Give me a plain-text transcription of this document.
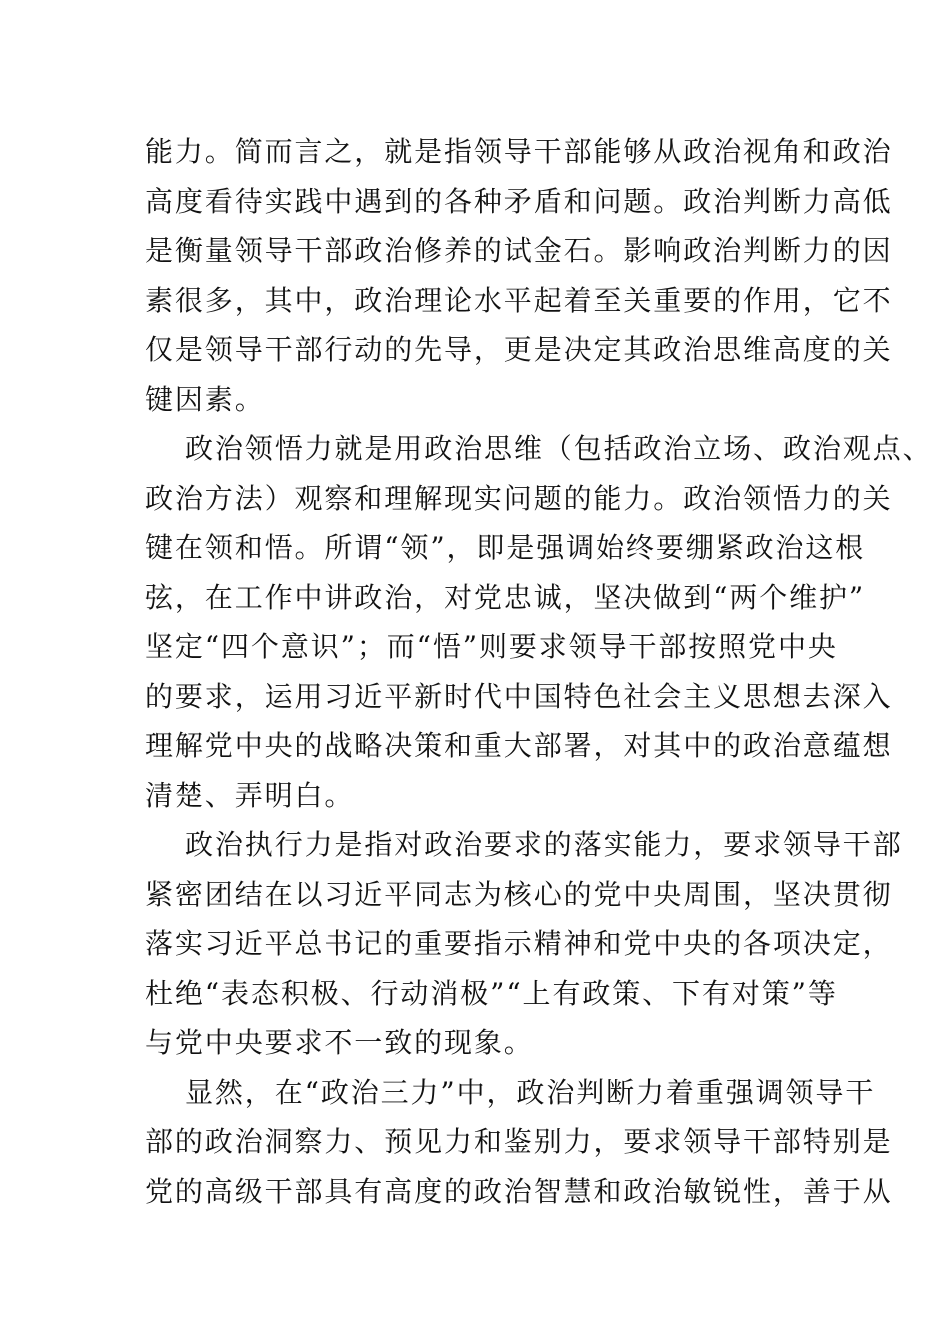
能力。简而言之，就是指领导干部能够从政治视角和政治
高度看待实践中遇到的各种矛盾和问题。政治判断力高低
是衡量领导干部政治修养的试金石。影响政治判断力的因
素很多，其中，政治理论水平起着至关重要的作用，它不
仅是领导干部行动的先导，更是决定其政治思维高度的关
键因素。
政治领悟力就是用政治思维（包括政治立场、政治观点、
政治方法）观察和理解现实问题的能力。政治领悟力的关
键在领和悟。所谓“领”，即是强调始终要绷紧政治这根
弦，在工作中讲政治，对党忠诚，坚决做到“两个维护”
坚定“四个意识”；而“悟”则要求领导干部按照党中央
的要求，运用习近平新时代中国特色社会主义思想去深入
理解党中央的战略决策和重大部署，对其中的政治意蕴想
清楚、弄明白。
政治执行力是指对政治要求的落实能力，要求领导干部
紧密团结在以习近平同志为核心的党中央周围，坚决贯彻
落实习近平总书记的重要指示精神和党中央的各项决定，
杜绝“表态积极、行动消极”“上有政策、下有对策”等
与党中央要求不一致的现象。
显然，在“政治三力”中，政治判断力着重强调领导干
部的政治洞察力、预见力和鉴别力，要求领导干部特别是
党的高级干部具有高度的政治智慧和政治敏锐性，善于从
